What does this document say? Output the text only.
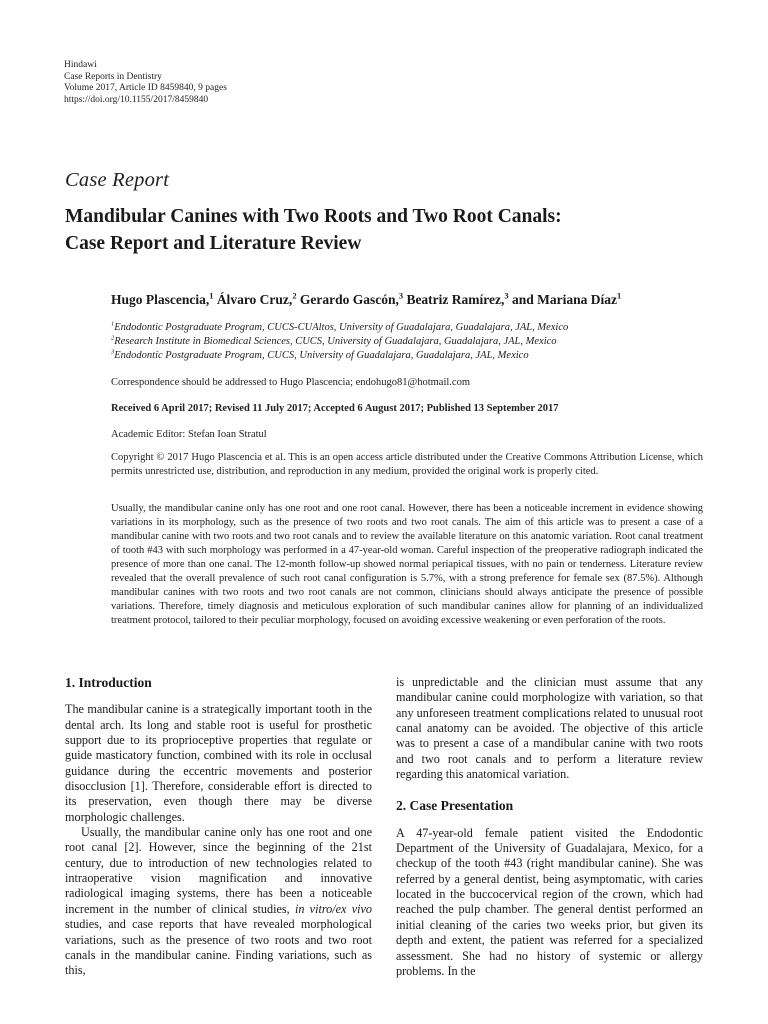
Hindawi
Case Reports in Dentistry
Volume 2017, Article ID 8459840, 9 pages
https://doi.org/10.1155/2017/8459840
Case Report
Mandibular Canines with Two Roots and Two Root Canals:
Case Report and Literature Review
Hugo Plascencia,$^1$ Álvaro Cruz,$^2$ Gerardo Gascón,$^3$ Beatriz Ramírez,$^3$ and Mariana Díaz$^1$
$^1$Endodontic Postgraduate Program, CUCS-CUAltos, University of Guadalajara, Guadalajara, JAL, Mexico
$^2$Research Institute in Biomedical Sciences, CUCS, University of Guadalajara, Guadalajara, JAL, Mexico
$^3$Endodontic Postgraduate Program, CUCS, University of Guadalajara, Guadalajara, JAL, Mexico
Correspondence should be addressed to Hugo Plascencia; endohugo81@hotmail.com
Received 6 April 2017; Revised 11 July 2017; Accepted 6 August 2017; Published 13 September 2017
Academic Editor: Stefan Ioan Stratul
Copyright © 2017 Hugo Plascencia et al. This is an open access article distributed under the Creative Commons Attribution License, which permits unrestricted use, distribution, and reproduction in any medium, provided the original work is properly cited.
Usually, the mandibular canine only has one root and one root canal. However, there has been a noticeable increment in evidence showing variations in its morphology, such as the presence of two roots and two root canals. The aim of this article was to present a case of a mandibular canine with two roots and two root canals and to review the available literature on this anatomic variation. Root canal treatment of tooth #43 with such morphology was performed in a 47-year-old woman. Careful inspection of the preoperative radiograph indicated the presence of more than one canal. The 12-month follow-up showed normal periapical tissues, with no pain or tenderness. Literature review revealed that the overall prevalence of such root canal configuration is 5.7%, with a strong preference for female sex (87.5%). Although mandibular canines with two roots and two root canals are not common, clinicians should always anticipate the presence of possible variations. Therefore, timely diagnosis and meticulous exploration of such mandibular canines allow for planning of an individualized treatment protocol, tailored to their peculiar morphology, focused on avoiding excessive weakening or even perforation of the roots.
1. Introduction

The mandibular canine is a strategically important tooth in the dental arch. Its long and stable root is useful for prosthetic support due to its proprioceptive properties that regulate or guide masticatory function, combined with its role in occlusal guidance during the eccentric movements and posterior disocclusion [1]. Therefore, considerable effort is directed to its preservation, even though there may be diverse morphologic challenges.

Usually, the mandibular canine only has one root and one root canal [2]. However, since the beginning of the 21st century, due to introduction of new technologies related to intraoperative vision magnification and innovative radiological imaging systems, there has been a noticeable increment in the number of clinical studies, in vitro/ex vivo studies, and case reports that have revealed morphological variations, such as the presence of two roots and two root canals in the mandibular canine. Finding variations, such as this,

is unpredictable and the clinician must assume that any mandibular canine could morphologize with variation, so that any unforeseen treatment complications related to unusual root canal anatomy can be avoided. The objective of this article was to present a case of a mandibular canine with two roots and two root canals and to perform a literature review regarding this anatomical variation.

2. Case Presentation

A 47-year-old female patient visited the Endodontic Department of the University of Guadalajara, Mexico, for a checkup of the tooth #43 (right mandibular canine). She was referred by a general dentist, being asymptomatic, with caries located in the buccocervical region of the crown, which had reached the pulp chamber. The general dentist performed an initial cleaning of the caries two weeks prior, but given its depth and extent, the patient was referred for a specialized assessment. She had no history of systemic or allergy problems. In the
